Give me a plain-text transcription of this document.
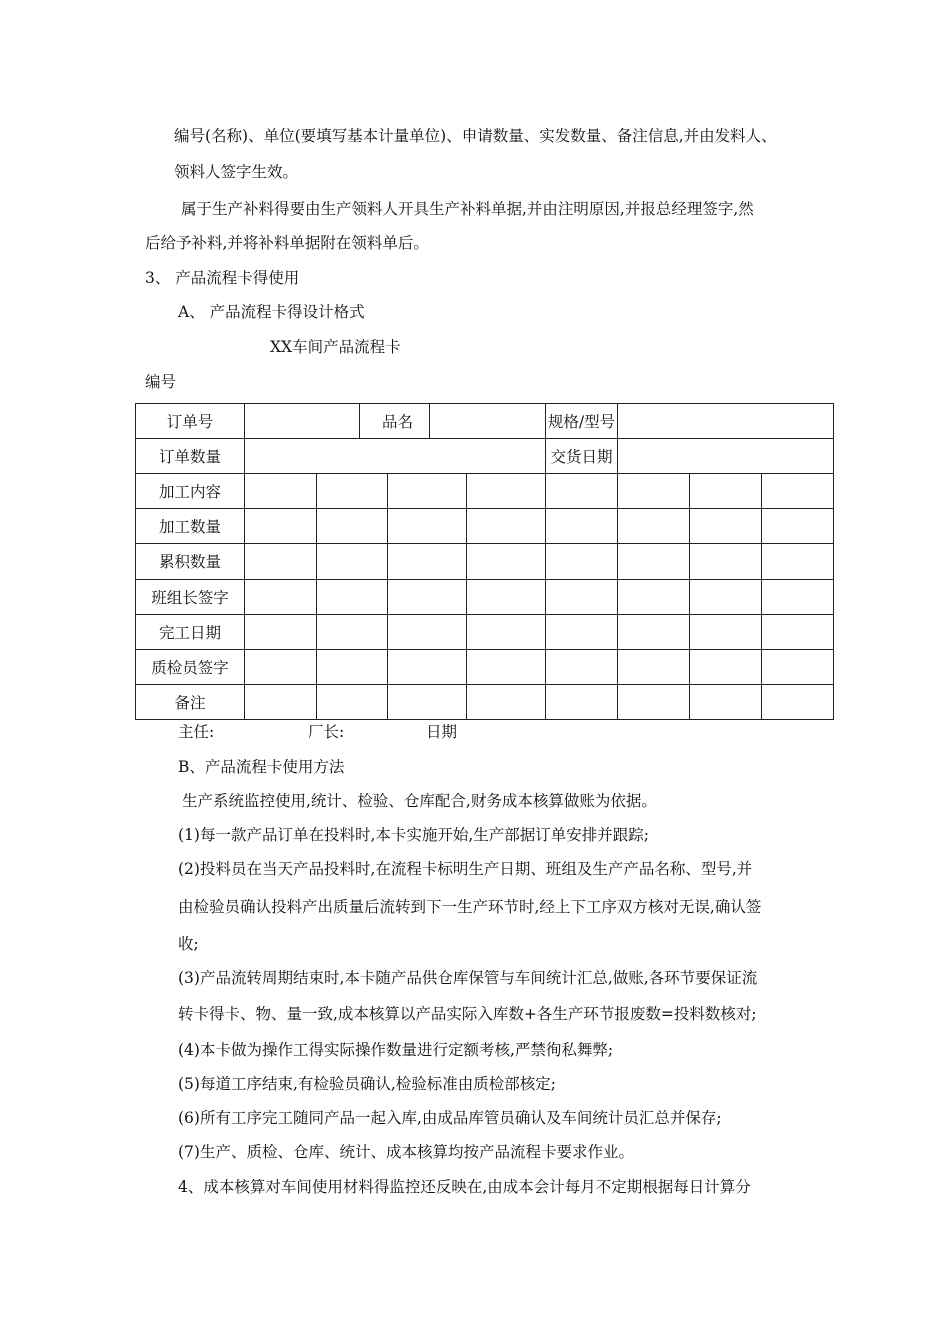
编号(名称)、单位(要填写基本计量单位)、申请数量、实发数量、备注信息,并由发料人、
领料人签字生效。
属于生产补料得要由生产领料人开具生产补料单据,并由注明原因,并报总经理签字,然
后给予补料,并将补料单据附在领料单后。
3、 产品流程卡得使用
A、 产品流程卡得设计格式
XX车间产品流程卡
编号
订单号			品名				规格/型号			
订单数量							交货日期			
加工内容										
加工数量										
累积数量										
班组长签字										
完工日期										
质检员签字										
备注										
主任:	厂长:	日期
B、产品流程卡使用方法
生产系统监控使用,统计、检验、仓库配合,财务成本核算做账为依据。
(1)每一款产品订单在投料时,本卡实施开始,生产部据订单安排并跟踪;
(2)投料员在当天产品投料时,在流程卡标明生产日期、班组及生产产品名称、型号,并
由检验员确认投料产出质量后流转到下一生产环节时,经上下工序双方核对无误,确认签
收;
(3)产品流转周期结束时,本卡随产品供仓库保管与车间统计汇总,做账,各环节要保证流
转卡得卡、物、量一致,成本核算以产品实际入库数+各生产环节报废数=投料数核对;
(4)本卡做为操作工得实际操作数量进行定额考核,严禁徇私舞弊;
(5)每道工序结束,有检验员确认,检验标准由质检部核定;
(6)所有工序完工随同产品一起入库,由成品库管员确认及车间统计员汇总并保存;
(7)生产、质检、仓库、统计、成本核算均按产品流程卡要求作业。
4、成本核算对车间使用材料得监控还反映在,由成本会计每月不定期根据每日计算分
